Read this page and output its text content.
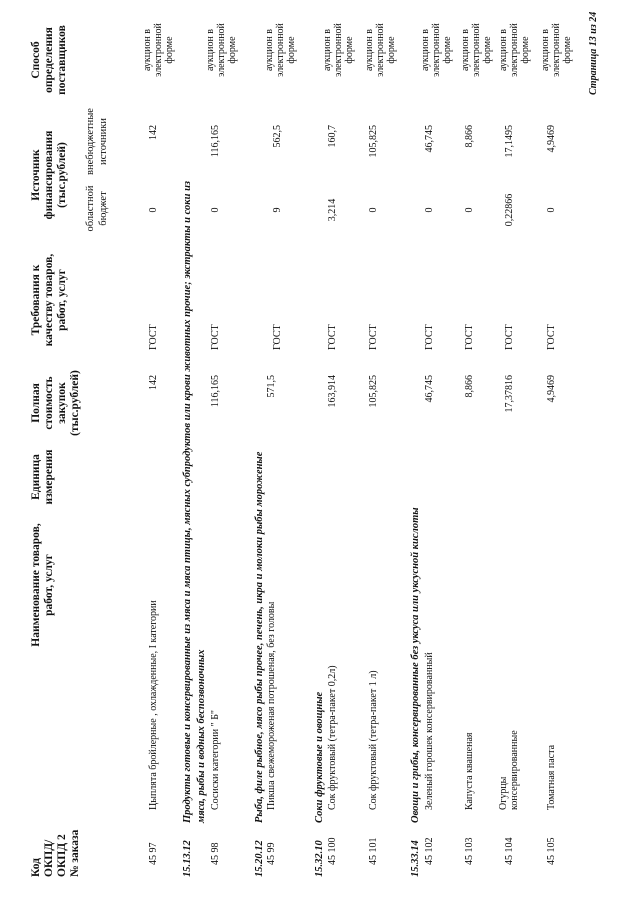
Код ОКПД/ ОКПД 2 № заказа
Наименование товаров, работ, услуг
Единица измерения
Полная стоимость закупок (тыс.рублей)
Требования к качеству товаров, работ, услуг
Источник финансирования (тыс.рублей)
областной бюджет
внебюджетные источники
Способ определения поставщиков
45 97
Цыплята бройлерные , охлажденные, I категории
142
ГОСТ
0
142
аукцион в электронной форме
15.13.12
Продукты готовые и консервированные из мяса и мяса птицы, мясных субпродуктов или крови животных прочие; экстракты и соки из мяса, рыбы и водных беспозвоночных
45 98
Сосиски категории " Б"
116,165
ГОСТ
0
116,165
аукцион в электронной форме
15.20.12
Рыба, филе рыбное, мясо рыбы прочее, печень, икра и молоки рыбы мороженые
45 99
Пикша свежемороженая потрошеная, без головы
571,5
ГОСТ
9
562,5
аукцион в электронной форме
15.32.10
Соки фруктовые и овощные
45 100
Сок фруктовый (тетра-пакет 0,2л)
163,914
ГОСТ
3,214
160,7
аукцион в электронной форме
45 101
Сок фруктовый (тетра-пакет 1 л)
105,825
ГОСТ
0
105,825
аукцион в электронной форме
15.33.14
Овощи и грибы, консервированные без уксуса или уксусной кислоты
45 102
Зеленый горошек консервированный
46,745
ГОСТ
0
46,745
аукцион в электронной форме
45 103
Капуста квашеная
8,866
ГОСТ
0
8,866
аукцион в электронной форме
45 104
Огурцы консервированные
17,37816
ГОСТ
0,22866
17,1495
аукцион в электронной форме
45 105
Томатная паста
4,9469
ГОСТ
0
4,9469
аукцион в электронной форме Страница 13 из 24
